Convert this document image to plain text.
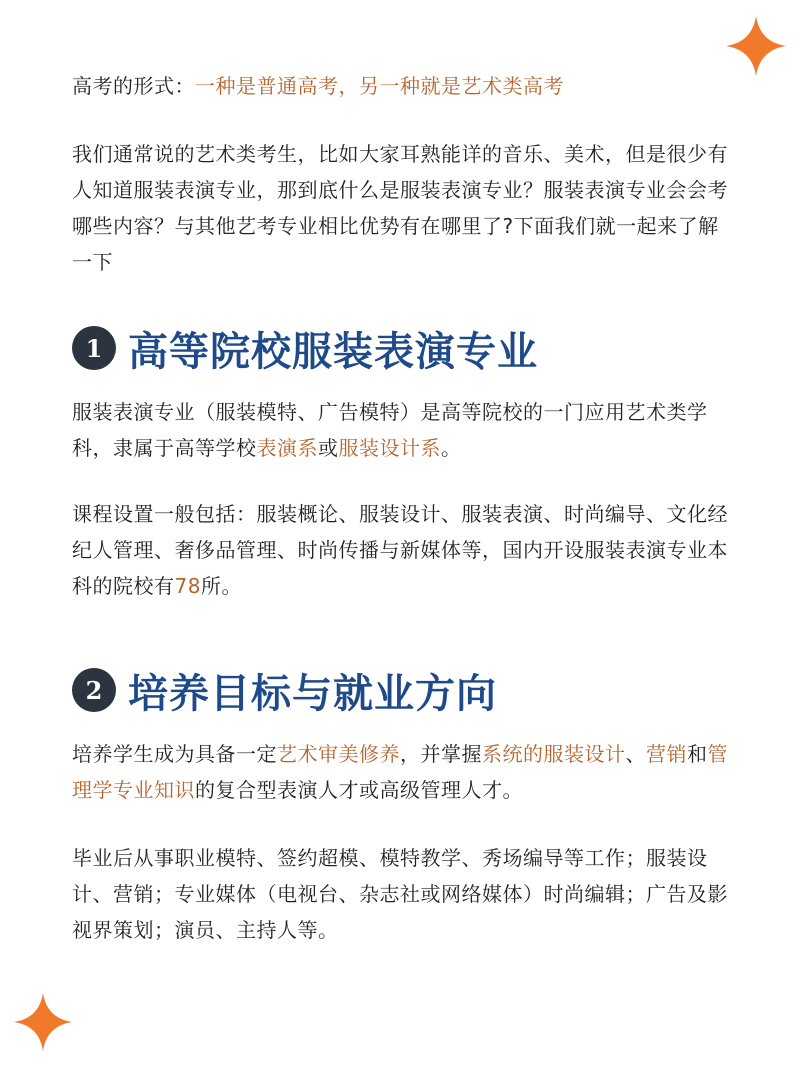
高考的形式：一种是普通高考，另一种就是艺术类高考

我们通常说的艺术类考生，比如大家耳熟能详的音乐、美术，但是很少有人知道服装表演专业，那到底什么是服装表演专业？服装表演专业会会考哪些内容？与其他艺考专业相比优势有在哪里了?下面我们就一起来了解一下

1 高等院校服装表演专业

服装表演专业（服装模特、广告模特）是高等院校的一门应用艺术类学科，隶属于高等学校表演系或服装设计系。

课程设置一般包括：服装概论、服装设计、服装表演、时尚编导、文化经纪人管理、奢侈品管理、时尚传播与新媒体等，国内开设服装表演专业本科的院校有78所。

2 培养目标与就业方向

培养学生成为具备一定艺术审美修养，并掌握系统的服装设计、营销和管理学专业知识的复合型表演人才或高级管理人才。

毕业后从事职业模特、签约超模、模特教学、秀场编导等工作；服装设计、营销；专业媒体（电视台、杂志社或网络媒体）时尚编辑；广告及影视界策划；演员、主持人等。
